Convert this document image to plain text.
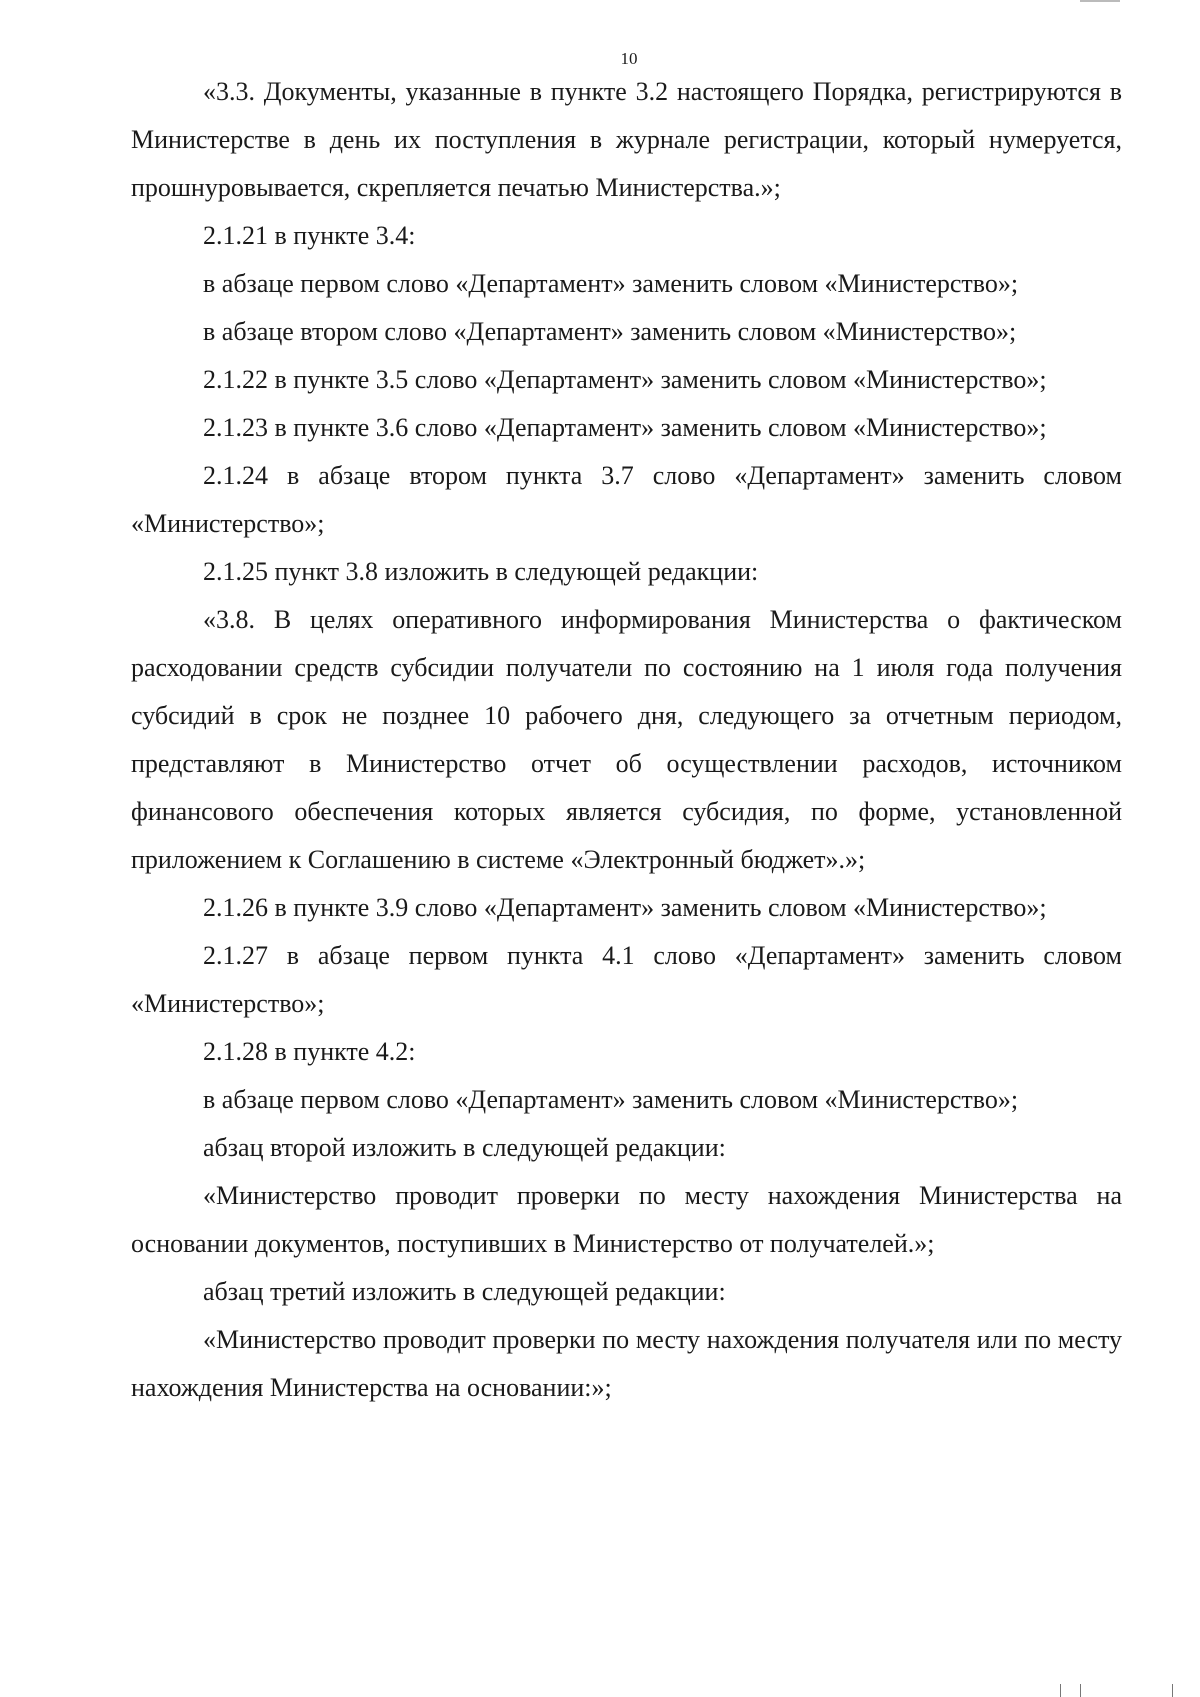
10

«3.3. Документы, указанные в пункте 3.2 настоящего Порядка, регистрируются в Министерстве в день их поступления в журнале регистрации, который нумеруется, прошнуровывается, скрепляется печатью Министерства.»;

2.1.21 в пункте 3.4:

в абзаце первом слово «Департамент» заменить словом «Министерство»;

в абзаце втором слово «Департамент» заменить словом «Министерство»;

2.1.22 в пункте 3.5 слово «Департамент» заменить словом «Министерство»;

2.1.23 в пункте 3.6 слово «Департамент» заменить словом «Министерство»;

2.1.24 в абзаце втором пункта 3.7 слово «Департамент» заменить словом «Министерство»;

2.1.25 пункт 3.8 изложить в следующей редакции:

«3.8. В целях оперативного информирования Министерства о фактическом расходовании средств субсидии получатели по состоянию на 1 июля года получения субсидий в срок не позднее 10 рабочего дня, следующего за отчетным периодом, представляют в Министерство отчет об осуществлении расходов, источником финансового обеспечения которых является субсидия, по форме, установленной приложением к Соглашению в системе «Электронный бюджет».»;

2.1.26 в пункте 3.9 слово «Департамент» заменить словом «Министерство»;

2.1.27 в абзаце первом пункта 4.1 слово «Департамент» заменить словом «Министерство»;

2.1.28 в пункте 4.2:

в абзаце первом слово «Департамент» заменить словом «Министерство»;

абзац второй изложить в следующей редакции:

«Министерство проводит проверки по месту нахождения Министерства на основании документов, поступивших в Министерство от получателей.»;

абзац третий изложить в следующей редакции:

«Министерство проводит проверки по месту нахождения получателя или по месту нахождения Министерства на основании:»;
